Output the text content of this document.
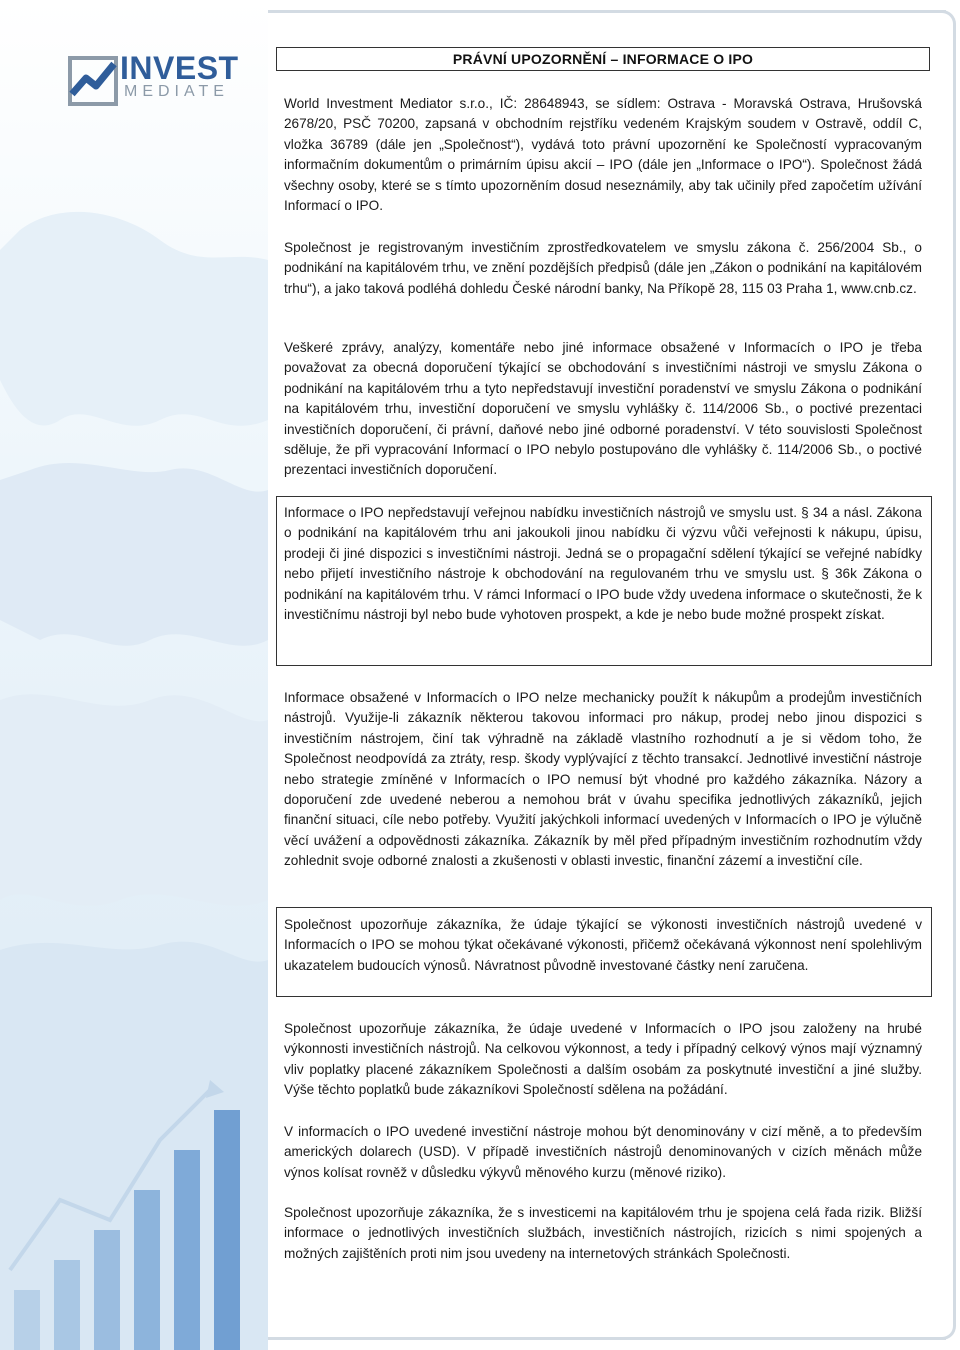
INVEST
MEDIATE
PRÁVNÍ UPOZORNĚNÍ – INFORMACE O IPO

World Investment Mediator s.r.o., IČ: 28648943, se sídlem: Ostrava - Moravská Ostrava, Hrušovská 2678/20, PSČ 70200, zapsaná v obchodním rejstříku vedeném Krajským soudem v Ostravě, oddíl C, vložka 36789 (dále jen „Společnost“), vydává toto právní upozornění ke Společností vypracovaným informačním dokumentům o primárním úpisu akcií – IPO (dále jen „Informace o IPO“). Společnost žádá všechny osoby, které se s tímto upozorněním dosud neseznámily, aby tak učinily před započetím užívání Informací o IPO.

Společnost je registrovaným investičním zprostředkovatelem ve smyslu zákona č. 256/2004 Sb., o podnikání na kapitálovém trhu, ve znění pozdějších předpisů (dále jen „Zákon o podnikání na kapitálovém trhu“), a jako taková podléhá dohledu České národní banky, Na Příkopě 28, 115 03 Praha 1, www.cnb.cz.

Veškeré zprávy, analýzy, komentáře nebo jiné informace obsažené v Informacích o IPO je třeba považovat za obecná doporučení týkající se obchodování s investičními nástroji ve smyslu Zákona o podnikání na kapitálovém trhu a tyto nepředstavují investiční poradenství ve smyslu Zákona o podnikání na kapitálovém trhu, investiční doporučení ve smyslu vyhlášky č. 114/2006 Sb., o poctivé prezentaci investičních doporučení, či právní, daňové nebo jiné odborné poradenství. V této souvislosti Společnost sděluje, že při vypracování Informací o IPO nebylo postupováno dle vyhlášky č. 114/2006 Sb., o poctivé prezentaci investičních doporučení.

Informace o IPO nepředstavují veřejnou nabídku investičních nástrojů ve smyslu ust. § 34 a násl. Zákona o podnikání na kapitálovém trhu ani jakoukoli jinou nabídku či výzvu vůči veřejnosti k nákupu, úpisu, prodeji či jiné dispozici s investičními nástroji. Jedná se o propagační sdělení týkající se veřejné nabídky nebo přijetí investičního nástroje k obchodování na regulovaném trhu ve smyslu ust. § 36k Zákona o podnikání na kapitálovém trhu. V rámci Informací o IPO bude vždy uvedena informace o skutečnosti, že k investičnímu nástroji byl nebo bude vyhotoven prospekt, a kde je nebo bude možné prospekt získat.

Informace obsažené v Informacích o IPO nelze mechanicky použít k nákupům a prodejům investičních nástrojů. Využije-li zákazník některou takovou informaci pro nákup, prodej nebo jinou dispozici s investičním nástrojem, činí tak výhradně na základě vlastního rozhodnutí a je si vědom toho, že Společnost neodpovídá za ztráty, resp. škody vyplývající z těchto transakcí. Jednotlivé investiční nástroje nebo strategie zmíněné v Informacích o IPO nemusí být vhodné pro každého zákazníka. Názory a doporučení zde uvedené neberou a nemohou brát v úvahu specifika jednotlivých zákazníků, jejich finanční situaci, cíle nebo potřeby. Využití jakýchkoli informací uvedených v Informacích o IPO je výlučně věcí uvážení a odpovědnosti zákazníka. Zákazník by měl před případným investičním rozhodnutím vždy zohlednit svoje odborné znalosti a zkušenosti v oblasti investic, finanční zázemí a investiční cíle.

Společnost upozorňuje zákazníka, že údaje týkající se výkonosti investičních nástrojů uvedené v Informacích o IPO se mohou týkat očekávané výkonosti, přičemž očekávaná výkonnost není spolehlivým ukazatelem budoucích výnosů. Návratnost původně investované částky není zaručena.

Společnost upozorňuje zákazníka, že údaje uvedené v Informacích o IPO jsou založeny na hrubé výkonnosti investičních nástrojů. Na celkovou výkonnost, a tedy i případný celkový výnos mají významný vliv poplatky placené zákazníkem Společnosti a dalším osobám za poskytnuté investiční a jiné služby. Výše těchto poplatků bude zákazníkovi Společností sdělena na požádání.

V informacích o IPO uvedené investiční nástroje mohou být denominovány v cizí měně, a to především amerických dolarech (USD). V případě investičních nástrojů denominovaných v cizích měnách může výnos kolísat rovněž v důsledku výkyvů měnového kurzu (měnové riziko).

Společnost upozorňuje zákazníka, že s investicemi na kapitálovém trhu je spojena celá řada rizik. Bližší informace o jednotlivých investičních službách, investičních nástrojích, rizicích s nimi spojených a možných zajištěních proti nim jsou uvedeny na internetových stránkách Společnosti.
